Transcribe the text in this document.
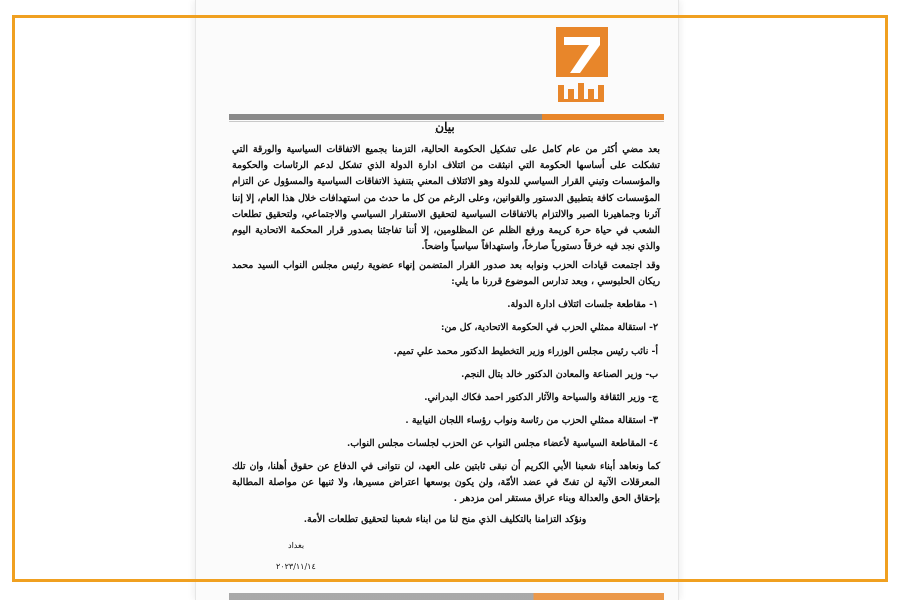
بيان
بعد مضي أكثر من عام كامل على تشكيل الحكومة الحالية، التزمنا بجميع الاتفاقات السياسية والورقة التي تشكلت على أساسها الحكومة التي انبثقت من ائتلاف ادارة الدولة الذي تشكل لدعم الرئاسات والحكومة والمؤسسات وتبني القرار السياسي للدولة وهو الائتلاف المعني بتنفيذ الاتفاقات السياسية والمسؤول عن التزام المؤسسات كافة بتطبيق الدستور والقوانين، وعلى الرغم من كل ما حدث من استهدافات خلال هذا العام، إلا إننا آثرنا وجماهيرنا الصبر والالتزام بالاتفاقات السياسية لتحقيق الاستقرار السياسي والاجتماعي، ولتحقيق تطلعات الشعب في حياة حرة كريمة ورفع الظلم عن المظلومين، إلا أننا تفاجئنا بصدور قرار المحكمة الاتحادية اليوم والذي نجد فيه خرقاً دستورياً صارخاً، واستهدافاً سياسياً واضحاً.
وقد اجتمعت قيادات الحزب ونوابه بعد صدور القرار المتضمن إنهاء عضوية رئيس مجلس النواب السيد محمد ريكان الحلبوسي ، وبعد تدارس الموضوع قررنا ما يلي:
١- مقاطعة جلسات ائتلاف ادارة الدولة.
٢- استقالة ممثلي الحزب في الحكومة الاتحادية، كل من:
أ- نائب رئيس مجلس الوزراء وزير التخطيط الدكتور محمد علي تميم.
ب- وزير الصناعة والمعادن الدكتور خالد بتال النجم.
ج- وزير الثقافة والسياحة والآثار الدكتور احمد فكاك البدراني.
٣- استقالة ممثلي الحزب من رئاسة ونواب رؤساء اللجان النيابية .
٤- المقاطعة السياسية لأعضاء مجلس النواب عن الحزب لجلسات مجلس النواب.
كما ونعاهد أبناء شعبنا الأبي الكريم أن نبقى ثابتين على العهد، لن نتوانى في الدفاع عن حقوق أهلنا، وان تلك المعرقلات الآنية لن تفتّ في عضد الأمّة، ولن يكون بوسعها اعتراض مسيرها، ولا ثنيها عن مواصلة المطالبة بإحقاق الحق والعدالة وبناء عراق مستقر امن مزدهر .
ونؤكد التزامنا بالتكليف الذي منح لنا من ابناء شعبنا لتحقيق تطلعات الأمة.
بغداد
٢٠٢٣/١١/١٤
